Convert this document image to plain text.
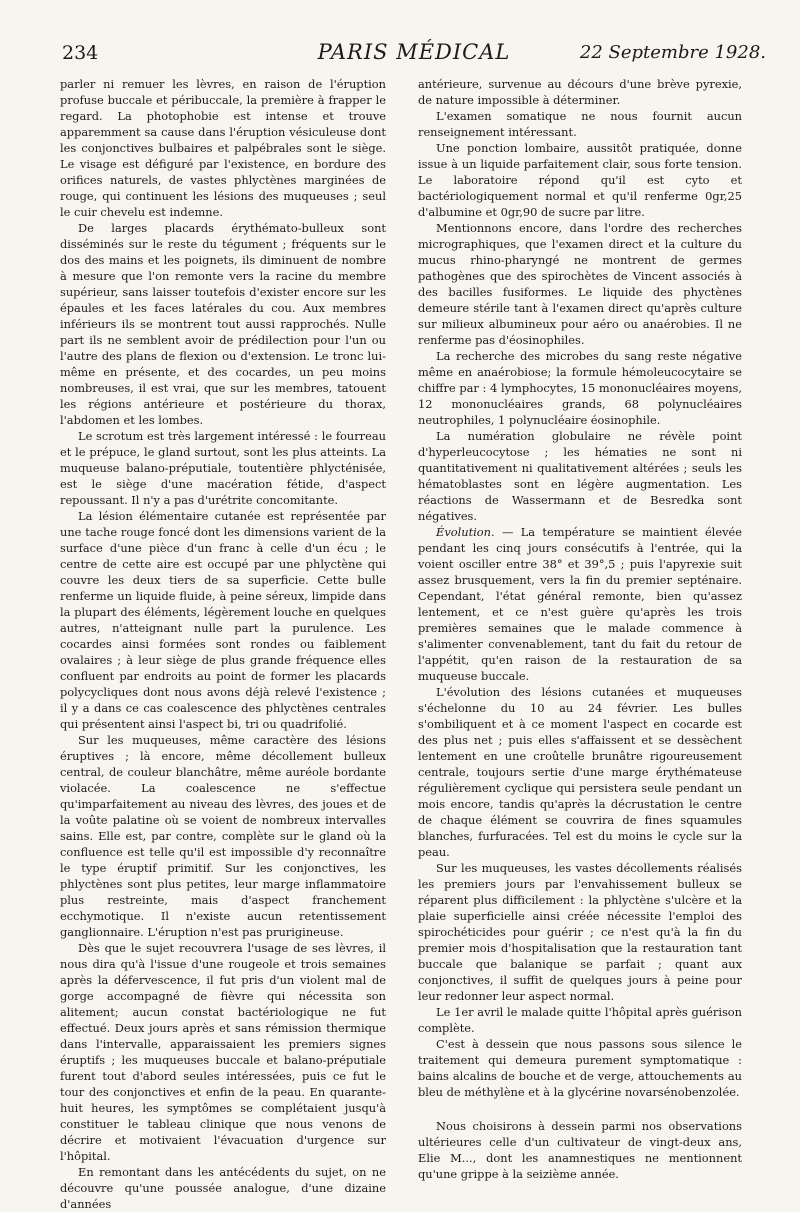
234	PARIS MÉDICAL	22 Septembre 1928.

parler ni remuer les lèvres, en raison de l'éruption profuse buccale et péribuccale, la première à frapper le regard. La photophobie est intense et trouve apparemment sa cause dans l'éruption vésiculeuse dont les conjonctives bulbaires et palpébrales sont le siège. Le visage est défiguré par l'existence, en bordure des orifices naturels, de vastes phlyctènes marginées de rouge, qui continuent les lésions des muqueuses ; seul le cuir chevelu est indemne.

De larges placards érythémato-bulleux sont disséminés sur le reste du tégument ; fréquents sur le dos des mains et les poignets, ils diminuent de nombre à mesure que l'on remonte vers la racine du membre supérieur, sans laisser toutefois d'exister encore sur les épaules et les faces latérales du cou. Aux membres inférieurs ils se montrent tout aussi rapprochés. Nulle part ils ne semblent avoir de prédilection pour l'un ou l'autre des plans de flexion ou d'extension. Le tronc lui-même en présente, et des cocardes, un peu moins nombreuses, il est vrai, que sur les membres, tatouent les régions antérieure et postérieure du thorax, l'abdomen et les lombes.

Le scrotum est très largement intéressé : le fourreau et le prépuce, le gland surtout, sont les plus atteints. La muqueuse balano-préputiale, toutentière phlycténisée, est le siège d'une macération fétide, d'aspect repoussant. Il n'y a pas d'urétrite concomitante.

La lésion élémentaire cutanée est représentée par une tache rouge foncé dont les dimensions varient de la surface d'une pièce d'un franc à celle d'un écu ; le centre de cette aire est occupé par une phlyctène qui couvre les deux tiers de sa superficie. Cette bulle renferme un liquide fluide, à peine séreux, limpide dans la plupart des éléments, légèrement louche en quelques autres, n'atteignant nulle part la purulence. Les cocardes ainsi formées sont rondes ou faiblement ovalaires ; à leur siège de plus grande fréquence elles confluent par endroits au point de former les placards polycycliques dont nous avons déjà relevé l'existence ; il y a dans ce cas coalescence des phlyctènes centrales qui présentent ainsi l'aspect bi, tri ou quadrifolié.

Sur les muqueuses, même caractère des lésions éruptives ; là encore, même décollement bulleux central, de couleur blanchâtre, même auréole bordante violacée. La coalescence ne s'effectue qu'imparfaitement au niveau des lèvres, des joues et de la voûte palatine où se voient de nombreux intervalles sains. Elle est, par contre, complète sur le gland où la confluence est telle qu'il est impossible d'y reconnaître le type éruptif primitif. Sur les conjonctives, les phlyctènes sont plus petites, leur marge inflammatoire plus restreinte, mais d'aspect franchement ecchymotique. Il n'existe aucun retentissement ganglionnaire. L'éruption n'est pas prurigineuse.

Dès que le sujet recouvrera l'usage de ses lèvres, il nous dira qu'à l'issue d'une rougeole et trois semaines après la défervescence, il fut pris d'un violent mal de gorge accompagné de fièvre qui nécessita son alitement; aucun constat bactériologique ne fut effectué. Deux jours après et sans rémission thermique dans l'intervalle, apparaissaient les premiers signes éruptifs ; les muqueuses buccale et balano-préputiale furent tout d'abord seules intéressées, puis ce fut le tour des conjonctives et enfin de la peau. En quarante-huit heures, les symptômes se complétaient jusqu'à constituer le tableau clinique que nous venons de décrire et motivaient l'évacuation d'urgence sur l'hôpital.

En remontant dans les antécédents du sujet, on ne découvre qu'une poussée analogue, d'une dizaine d'années

antérieure, survenue au décours d'une brève pyrexie, de nature impossible à déterminer.

L'examen somatique ne nous fournit aucun renseignement intéressant.

Une ponction lombaire, aussitôt pratiquée, donne issue à un liquide parfaitement clair, sous forte tension. Le laboratoire répond qu'il est cyto et bactériologiquement normal et qu'il renferme 0gr,25 d'albumine et 0gr,90 de sucre par litre.

Mentionnons encore, dans l'ordre des recherches micrographiques, que l'examen direct et la culture du mucus rhino-pharyngé ne montrent de germes pathogènes que des spirochètes de Vincent associés à des bacilles fusiformes. Le liquide des phyctènes demeure stérile tant à l'examen direct qu'après culture sur milieux albumineux pour aéro ou anaérobies. Il ne renferme pas d'éosinophiles.

La recherche des microbes du sang reste négative même en anaérobiose; la formule hémoleucocytaire se chiffre par : 4 lymphocytes, 15 mononucléaires moyens, 12 mononucléaires grands, 68 polynucléaires neutrophiles, 1 polynucléaire éosinophile.

La numération globulaire ne révèle point d'hyperleucocytose ; les hématies ne sont ni quantitativement ni qualitativement altérées ; seuls les hématoblastes sont en légère augmentation. Les réactions de Wassermann et de Besredka sont négatives.

Évolution. — La température se maintient élevée pendant les cinq jours consécutifs à l'entrée, qui la voient osciller entre 38° et 39°,5 ; puis l'apyrexie suit assez brusquement, vers la fin du premier septénaire. Cependant, l'état général remonte, bien qu'assez lentement, et ce n'est guère qu'après les trois premières semaines que le malade commence à s'alimenter convenablement, tant du fait du retour de l'appétit, qu'en raison de la restauration de sa muqueuse buccale.

L'évolution des lésions cutanées et muqueuses s'échelonne du 10 au 24 février. Les bulles s'ombiliquent et à ce moment l'aspect en cocarde est des plus net ; puis elles s'affaissent et se dessèchent lentement en une croûtelle brunâtre rigoureusement centrale, toujours sertie d'une marge érythémateuse régulièrement cyclique qui persistera seule pendant un mois encore, tandis qu'après la décrustation le centre de chaque élément se couvrira de fines squamules blanches, furfuracées. Tel est du moins le cycle sur la peau.

Sur les muqueuses, les vastes décollements réalisés les premiers jours par l'envahissement bulleux se réparent plus difficilement : la phlyctène s'ulcère et la plaie superficielle ainsi créée nécessite l'emploi des spirochéticides pour guérir ; ce n'est qu'à la fin du premier mois d'hospitalisation que la restauration tant buccale que balanique se parfait ; quant aux conjonctives, il suffit de quelques jours à peine pour leur redonner leur aspect normal.

Le 1er avril le malade quitte l'hôpital après guérison complète.

C'est à dessein que nous passons sous silence le traitement qui demeura purement symptomatique : bains alcalins de bouche et de verge, attouchements au bleu de méthylène et à la glycérine novarsénobenzolée.

Nous choisirons à dessein parmi nos observations ultérieures celle d'un cultivateur de vingt-deux ans, Elie M..., dont les anamnestiques ne mentionnent qu'une grippe à la seizième année.
